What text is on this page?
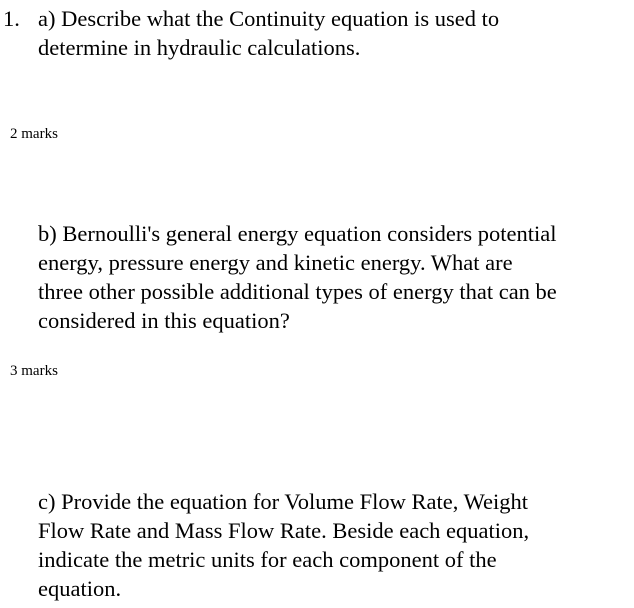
1. a) Describe what the Continuity equation is used to
determine in hydraulic calculations.
2 marks
b) Bernoulli's general energy equation considers potential
energy, pressure energy and kinetic energy. What are
three other possible additional types of energy that can be
considered in this equation?
3 marks
c) Provide the equation for Volume Flow Rate, Weight
Flow Rate and Mass Flow Rate. Beside each equation,
indicate the metric units for each component of the
equation.
